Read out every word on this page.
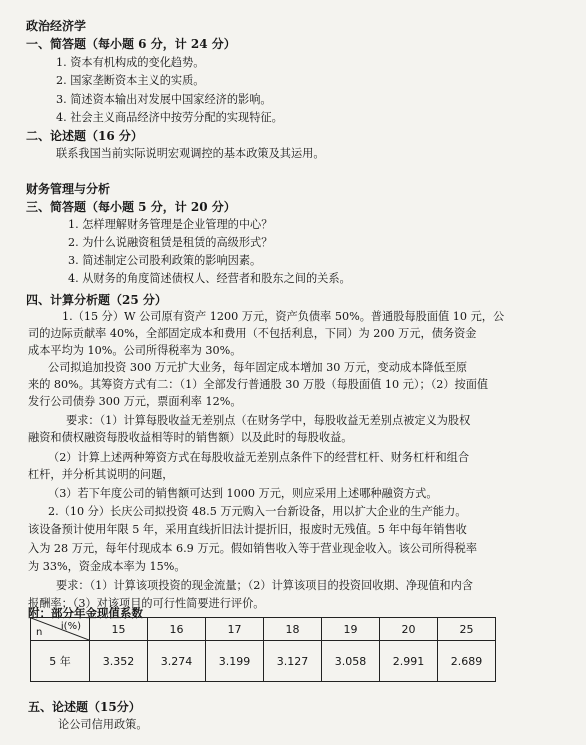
政治经济学
一、简答题（每小题 6 分，计 24 分）
1. 资本有机构成的变化趋势。
2. 国家垄断资本主义的实质。
3. 简述资本输出对发展中国家经济的影响。
4. 社会主义商品经济中按劳分配的实现特征。
二、论述题（16 分）
联系我国当前实际说明宏观调控的基本政策及其运用。
财务管理与分析
三、简答题（每小题 5 分，计 20 分）
1. 怎样理解财务管理是企业管理的中心？
2. 为什么说融资租赁是租赁的高级形式？
3. 简述制定公司股利政策的影响因素。
4. 从财务的角度简述债权人、经营者和股东之间的关系。
四、计算分析题（25 分）
1.（15 分）W 公司原有资产 1200 万元，资产负债率 50%。普通股每股面值 10 元，公
司的边际贡献率 40%，全部固定成本和费用（不包括利息，下同）为 200 万元，债务资金
成本平均为 10%。公司所得税率为 30%。
公司拟追加投资 300 万元扩大业务，每年固定成本增加 30 万元，变动成本降低至原
来的 80%。其筹资方式有二：（1）全部发行普通股 30 万股（每股面值 10 元）；（2）按面值
发行公司债券 300 万元，票面利率 12%。
要求：（1）计算每股收益无差别点（在财务学中，每股收益无差别点被定义为股权
融资和债权融资每股收益相等时的销售额）以及此时的每股收益。
（2）计算上述两种筹资方式在每股收益无差别点条件下的经营杠杆、财务杠杆和组合
杠杆，并分析其说明的问题，
（3）若下年度公司的销售额可达到 1000 万元，则应采用上述哪种融资方式。
2.（10 分）长庆公司拟投资 48.5 万元购入一台新设备，用以扩大企业的生产能力。
该设备预计使用年限 5 年，采用直线折旧法计提折旧，报废时无残值。5 年中每年销售收
入为 28 万元，每年付现成本 6.9 万元。假如销售收入等于营业现金收入。该公司所得税率
为 33%，资金成本率为 15%。
要求：（1）计算该项投资的现金流量；（2）计算该项目的投资回收期、净现值和内含
报酬率；（3）对该项目的可行性简要进行评价。
附：部分年金现值系数
i(%)
n	15	16	17	18	19	20	25
5 年	3.352	3.274	3.199	3.127	3.058	2.991	2.689
五、论述题（15分）
论公司信用政策。
